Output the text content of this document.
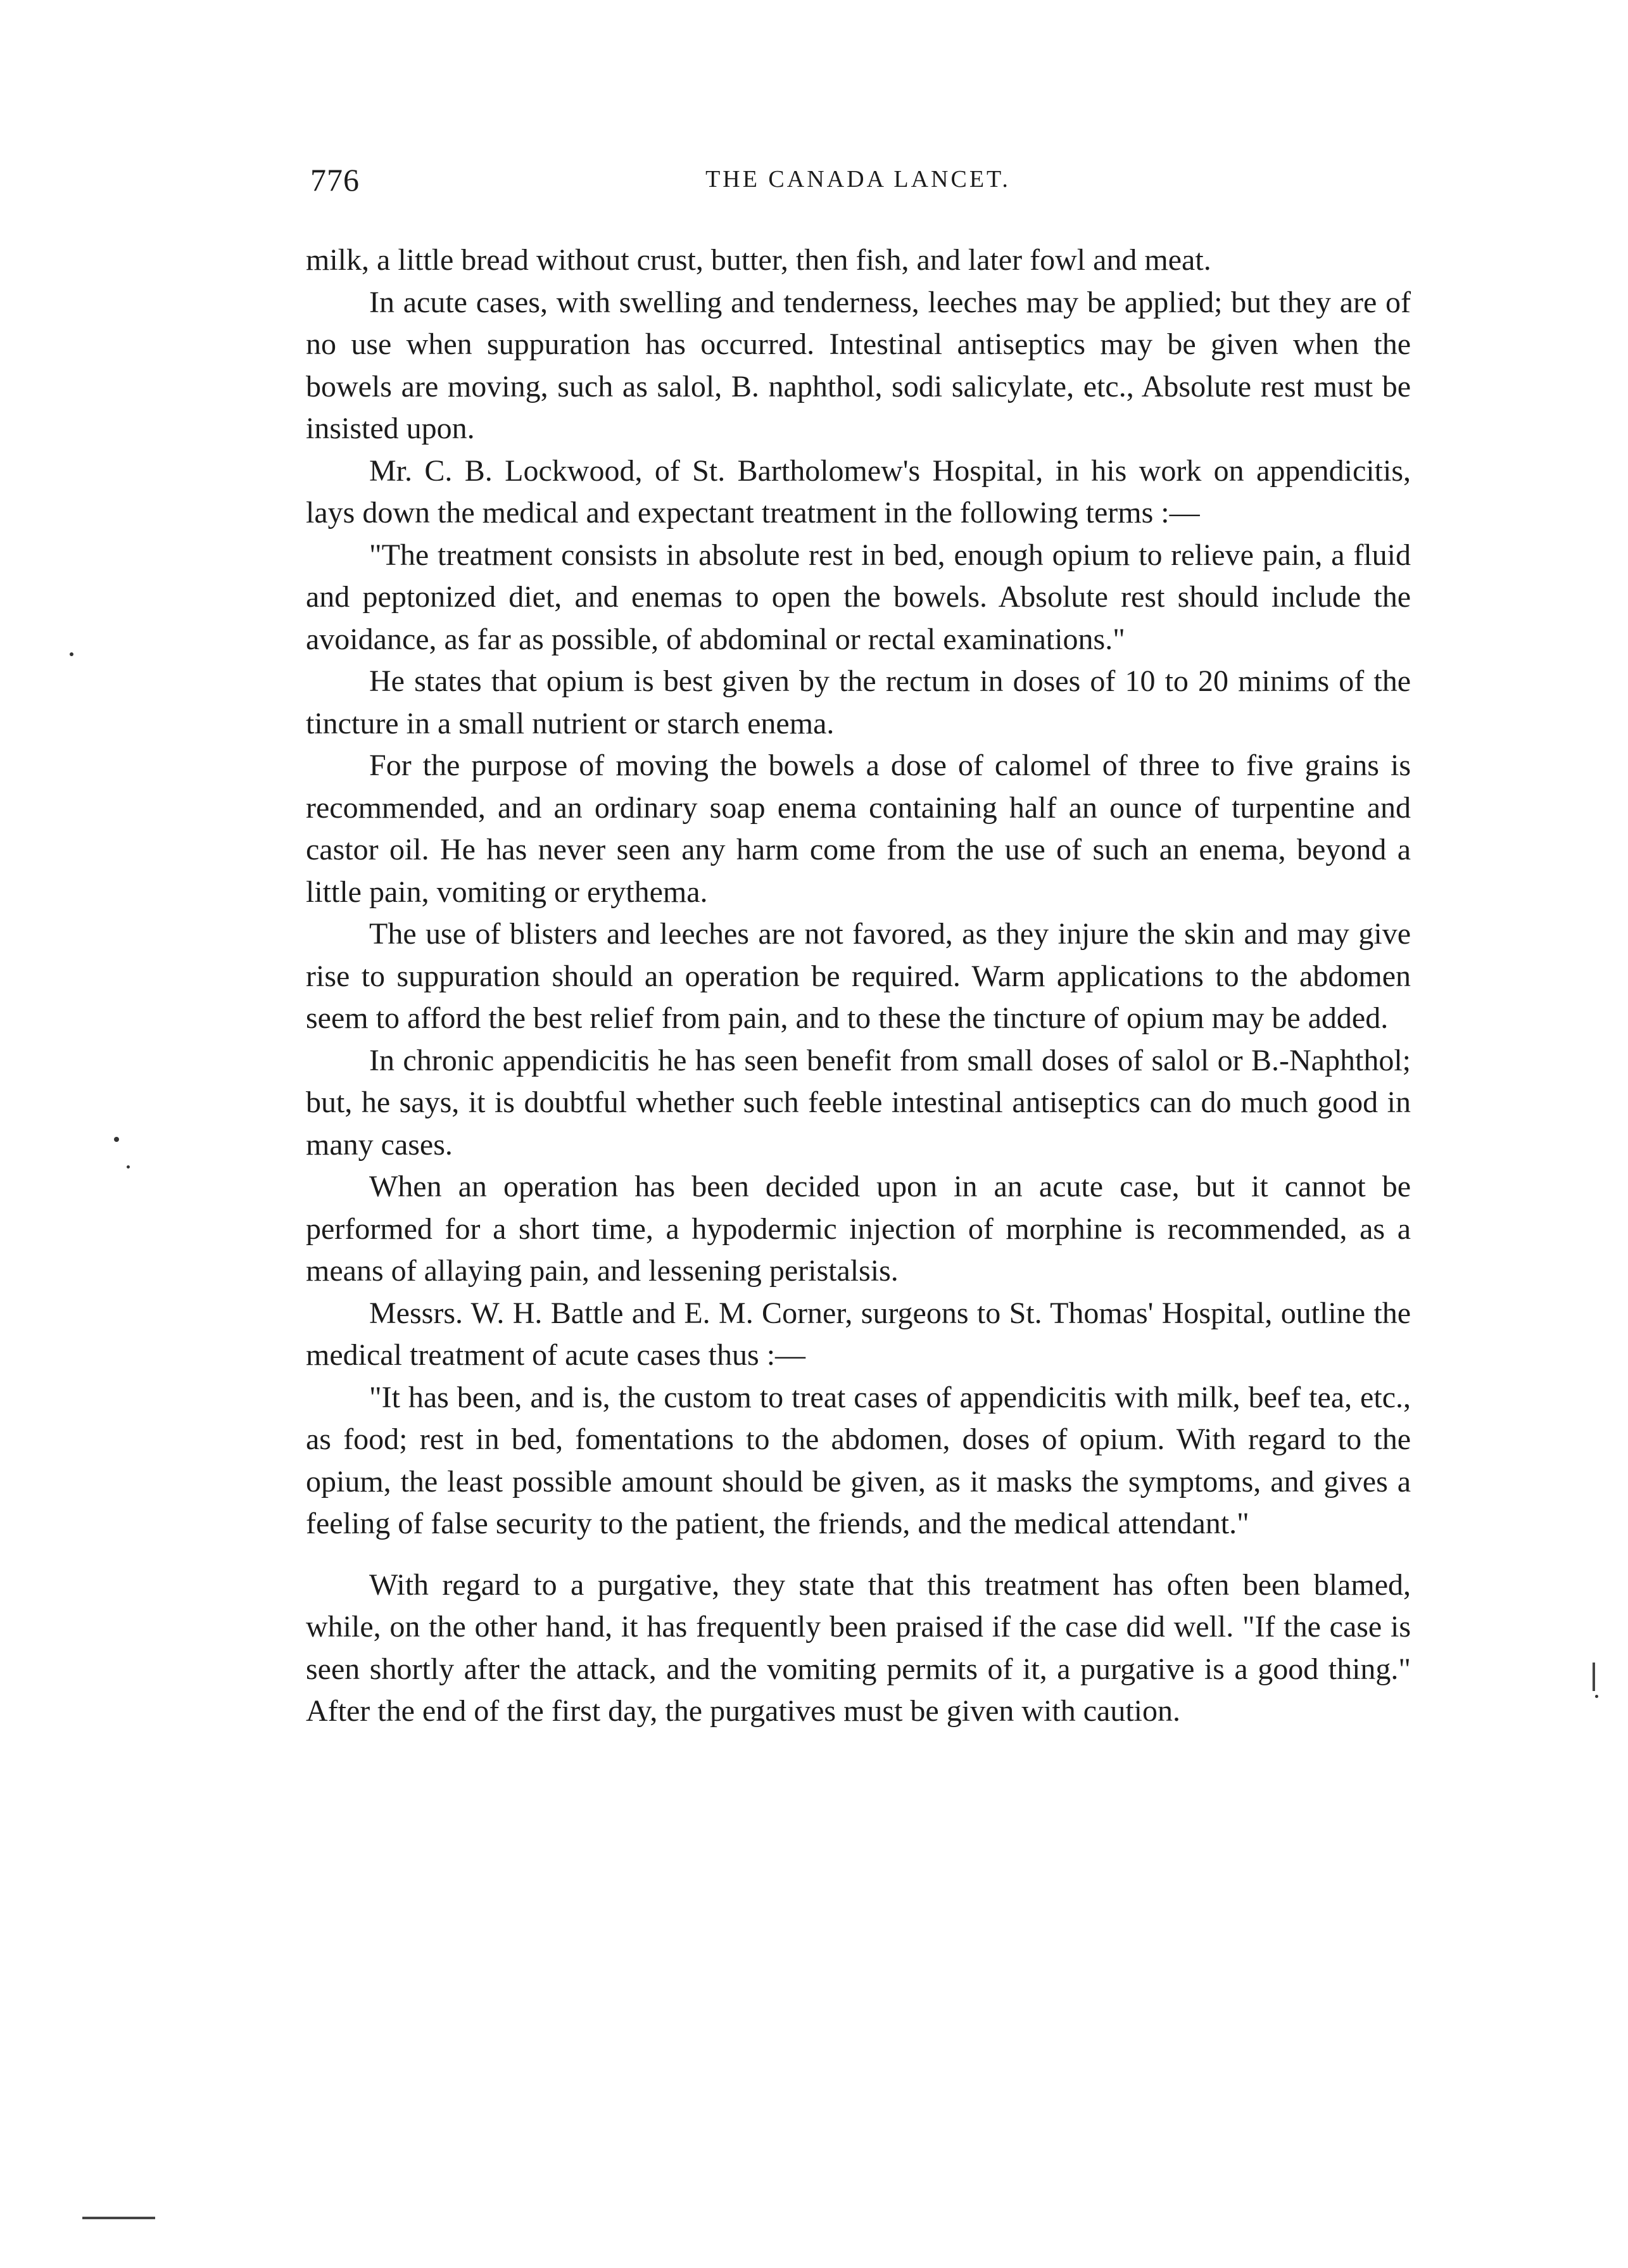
776	THE CANADA LANCET.

milk, a little bread without crust, butter, then fish, and later fowl and meat.

In acute cases, with swelling and tenderness, leeches may be applied; but they are of no use when suppuration has occurred. Intestinal antiseptics may be given when the bowels are moving, such as salol, B. naphthol, sodi salicylate, etc., Absolute rest must be insisted upon.

Mr. C. B. Lockwood, of St. Bartholomew's Hospital, in his work on appendicitis, lays down the medical and expectant treatment in the following terms :—

"The treatment consists in absolute rest in bed, enough opium to relieve pain, a fluid and peptonized diet, and enemas to open the bowels. Absolute rest should include the avoidance, as far as possible, of abdominal or rectal examinations."

He states that opium is best given by the rectum in doses of 10 to 20 minims of the tincture in a small nutrient or starch enema.

For the purpose of moving the bowels a dose of calomel of three to five grains is recommended, and an ordinary soap enema containing half an ounce of turpentine and castor oil. He has never seen any harm come from the use of such an enema, beyond a little pain, vomiting or erythema.

The use of blisters and leeches are not favored, as they injure the skin and may give rise to suppuration should an operation be required. Warm applications to the abdomen seem to afford the best relief from pain, and to these the tincture of opium may be added.

In chronic appendicitis he has seen benefit from small doses of salol or B.-Naphthol; but, he says, it is doubtful whether such feeble intestinal antiseptics can do much good in many cases.

When an operation has been decided upon in an acute case, but it cannot be performed for a short time, a hypodermic injection of morphine is recommended, as a means of allaying pain, and lessening peristalsis.

Messrs. W. H. Battle and E. M. Corner, surgeons to St. Thomas' Hospital, outline the medical treatment of acute cases thus :—

"It has been, and is, the custom to treat cases of appendicitis with milk, beef tea, etc., as food; rest in bed, fomentations to the abdomen, doses of opium. With regard to the opium, the least possible amount should be given, as it masks the symptoms, and gives a feeling of false security to the patient, the friends, and the medical attendant."

With regard to a purgative, they state that this treatment has often been blamed, while, on the other hand, it has frequently been praised if the case did well. "If the case is seen shortly after the attack, and the vomiting permits of it, a purgative is a good thing." After the end of the first day, the purgatives must be given with caution.
